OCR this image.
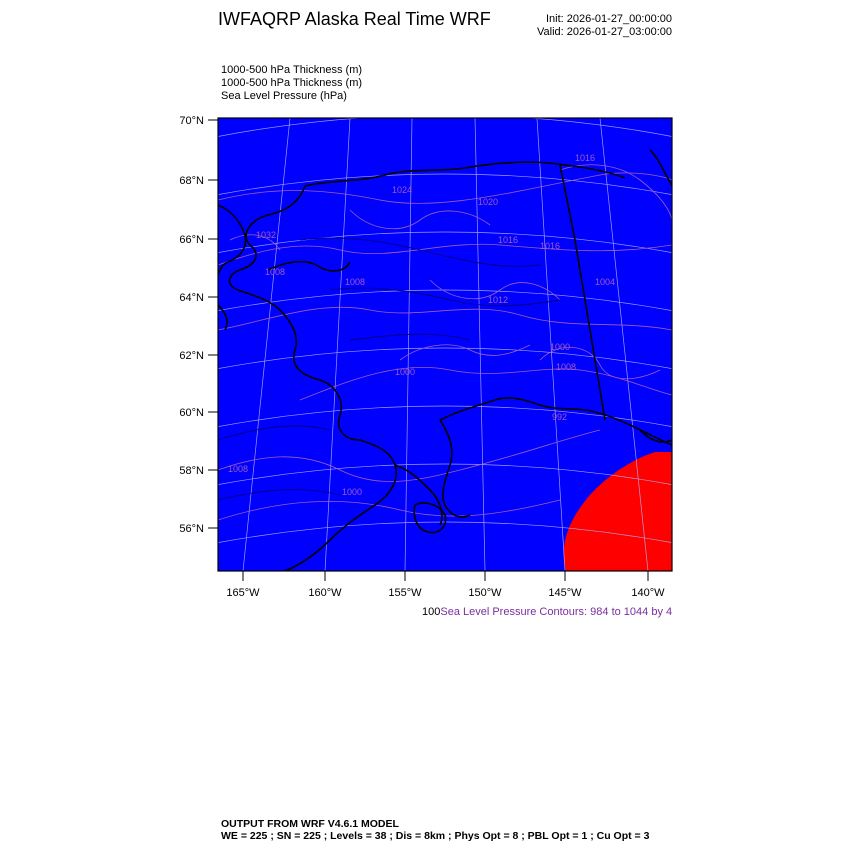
IWFAQRP Alaska Real Time WRF	Init: 2026-01-27_00:00:00
Valid: 2026-01-27_03:00:00
1000-500 hPa Thickness (m)
1000-500 hPa Thickness (m)
Sea Level Pressure (hPa)
1032
1024
1020
1016
1016
1008	1004
1000
1000	1008
1008
1000
992
1008
1016
1012
70°N
68°N
66°N
64°N
62°N
60°N
58°N
56°N
165°W	160°W	155°W	150°W	145°W	140°W
100Sea Level Pressure Contours: 984 to 1044 by 4
OUTPUT FROM WRF V4.6.1 MODEL
WE = 225 ; SN = 225 ; Levels = 38 ; Dis = 8km ; Phys Opt = 8 ; PBL Opt = 1 ; Cu Opt = 3
